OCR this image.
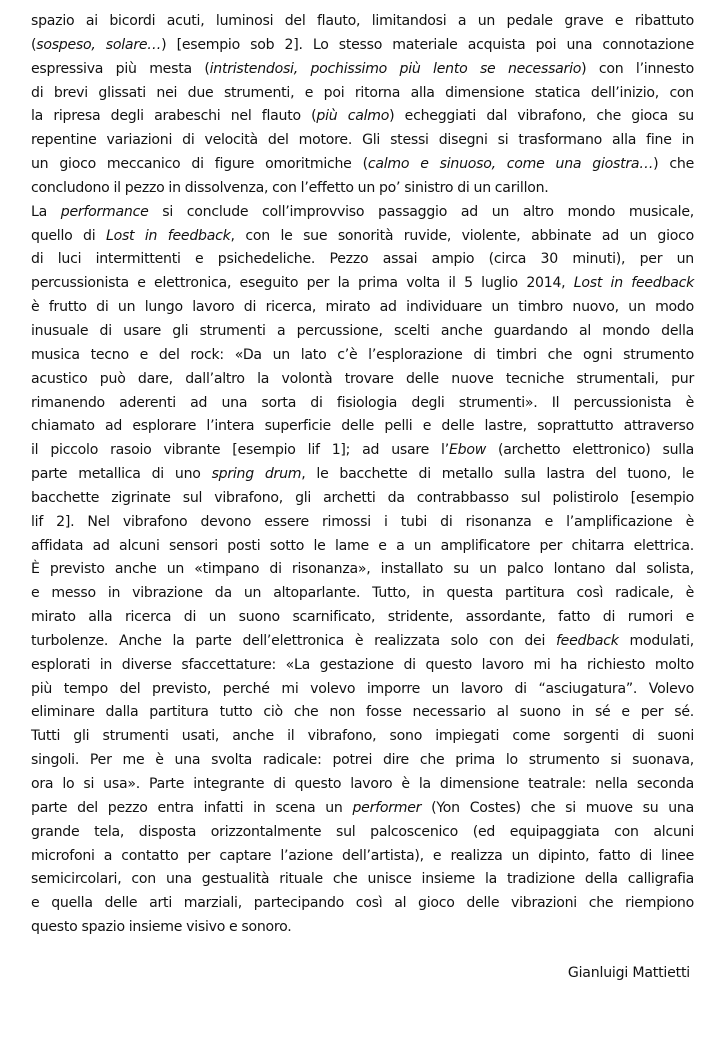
spazio ai bicordi acuti, luminosi del flauto, limitandosi a un pedale grave e ribattuto
(sospeso, solare…) [esempio sob 2]. Lo stesso materiale acquista poi una connotazione
espressiva più mesta (intristendosi, pochissimo più lento se necessario) con l’innesto
di brevi glissati nei due strumenti, e poi ritorna alla dimensione statica dell’inizio, con
la ripresa degli arabeschi nel flauto (più calmo) echeggiati dal vibrafono, che gioca su
repentine variazioni di velocità del motore. Gli stessi disegni si trasformano alla fine in
un gioco meccanico di figure omoritmiche (calmo e sinuoso, come una giostra…) che
concludono il pezzo in dissolvenza, con l’effetto un po’ sinistro di un carillon.
La performance si conclude coll’improvviso passaggio ad un altro mondo musicale,
quello di Lost in feedback, con le sue sonorità ruvide, violente, abbinate ad un gioco
di luci intermittenti e psichedeliche. Pezzo assai ampio (circa 30 minuti), per un
percussionista e elettronica, eseguito per la prima volta il 5 luglio 2014, Lost in feedback
è frutto di un lungo lavoro di ricerca, mirato ad individuare un timbro nuovo, un modo
inusuale di usare gli strumenti a percussione, scelti anche guardando al mondo della
musica tecno e del rock: «Da un lato c’è l’esplorazione di timbri che ogni strumento
acustico può dare, dall’altro la volontà trovare delle nuove tecniche strumentali, pur
rimanendo aderenti ad una sorta di fisiologia degli strumenti». Il percussionista è
chiamato ad esplorare l’intera superficie delle pelli e delle lastre, soprattutto attraverso
il piccolo rasoio vibrante [esempio lif 1]; ad usare l’Ebow (archetto elettronico) sulla
parte metallica di uno spring drum, le bacchette di metallo sulla lastra del tuono, le
bacchette zigrinate sul vibrafono, gli archetti da contrabbasso sul polistirolo [esempio
lif 2]. Nel vibrafono devono essere rimossi i tubi di risonanza e l’amplificazione è
affidata ad alcuni sensori posti sotto le lame e a un amplificatore per chitarra elettrica.
È previsto anche un «timpano di risonanza», installato su un palco lontano dal solista,
e messo in vibrazione da un altoparlante. Tutto, in questa partitura così radicale, è
mirato alla ricerca di un suono scarnificato, stridente, assordante, fatto di rumori e
turbolenze. Anche la parte dell’elettronica è realizzata solo con dei feedback modulati,
esplorati in diverse sfaccettature: «La gestazione di questo lavoro mi ha richiesto molto
più tempo del previsto, perché mi volevo imporre un lavoro di “asciugatura”. Volevo
eliminare dalla partitura tutto ciò che non fosse necessario al suono in sé e per sé.
Tutti gli strumenti usati, anche il vibrafono, sono impiegati come sorgenti di suoni
singoli. Per me è una svolta radicale: potrei dire che prima lo strumento si suonava,
ora lo si usa». Parte integrante di questo lavoro è la dimensione teatrale: nella seconda
parte del pezzo entra infatti in scena un performer (Yon Costes) che si muove su una
grande tela, disposta orizzontalmente sul palcoscenico (ed equipaggiata con alcuni
microfoni a contatto per captare l’azione dell’artista), e realizza un dipinto, fatto di linee
semicircolari, con una gestualità rituale che unisce insieme la tradizione della calligrafia
e quella delle arti marziali, partecipando così al gioco delle vibrazioni che riempiono
questo spazio insieme visivo e sonoro.
Gianluigi Mattietti
